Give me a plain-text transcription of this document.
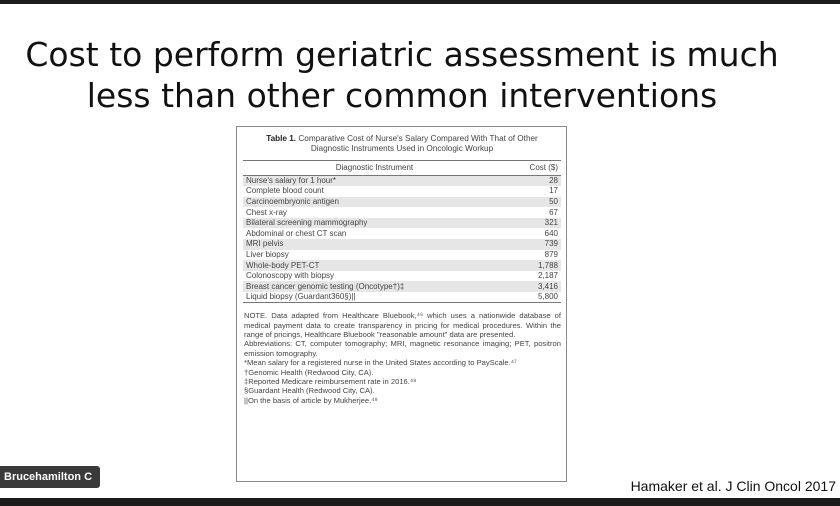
Cost to perform geriatric assessment is much
less than other common interventions
Table 1. Comparative Cost of Nurse's Salary Compared With That of Other Diagnostic Instruments Used in Oncologic Workup
Diagnostic Instrument	Cost ($)
Nurse's salary for 1 hour*	28
Complete blood count	17
Carcinoembryonic antigen	50
Chest x-ray	67
Bilateral screening mammography	321
Abdominal or chest CT scan	640
MRI pelvis	739
Liver biopsy	879
Whole-body PET-CT	1,788
Colonoscopy with biopsy	2,187
Breast cancer genomic testing (Oncotype†)‡	3,416
Liquid biopsy (Guardant360§)||	5,800

NOTE. Data adapted from Healthcare Bluebook,⁴⁶ which uses a nationwide database of medical payment data to create transparency in pricing for medical procedures. Within the range of pricings, Healthcare Bluebook "reasonable amount" data are presented.

Abbreviations: CT, computer tomography; MRI, magnetic resonance imaging; PET, positron emission tomography.

*Mean salary for a registered nurse in the United States according to PayScale.⁴⁷

†Genomic Health (Redwood City, CA).

‡Reported Medicare reimbursement rate in 2016.⁴⁸

§Guardant Health (Redwood City, CA).

||On the basis of article by Mukherjee.⁴⁹

Brucehamilton C
Hamaker et al. J Clin Oncol 2017
